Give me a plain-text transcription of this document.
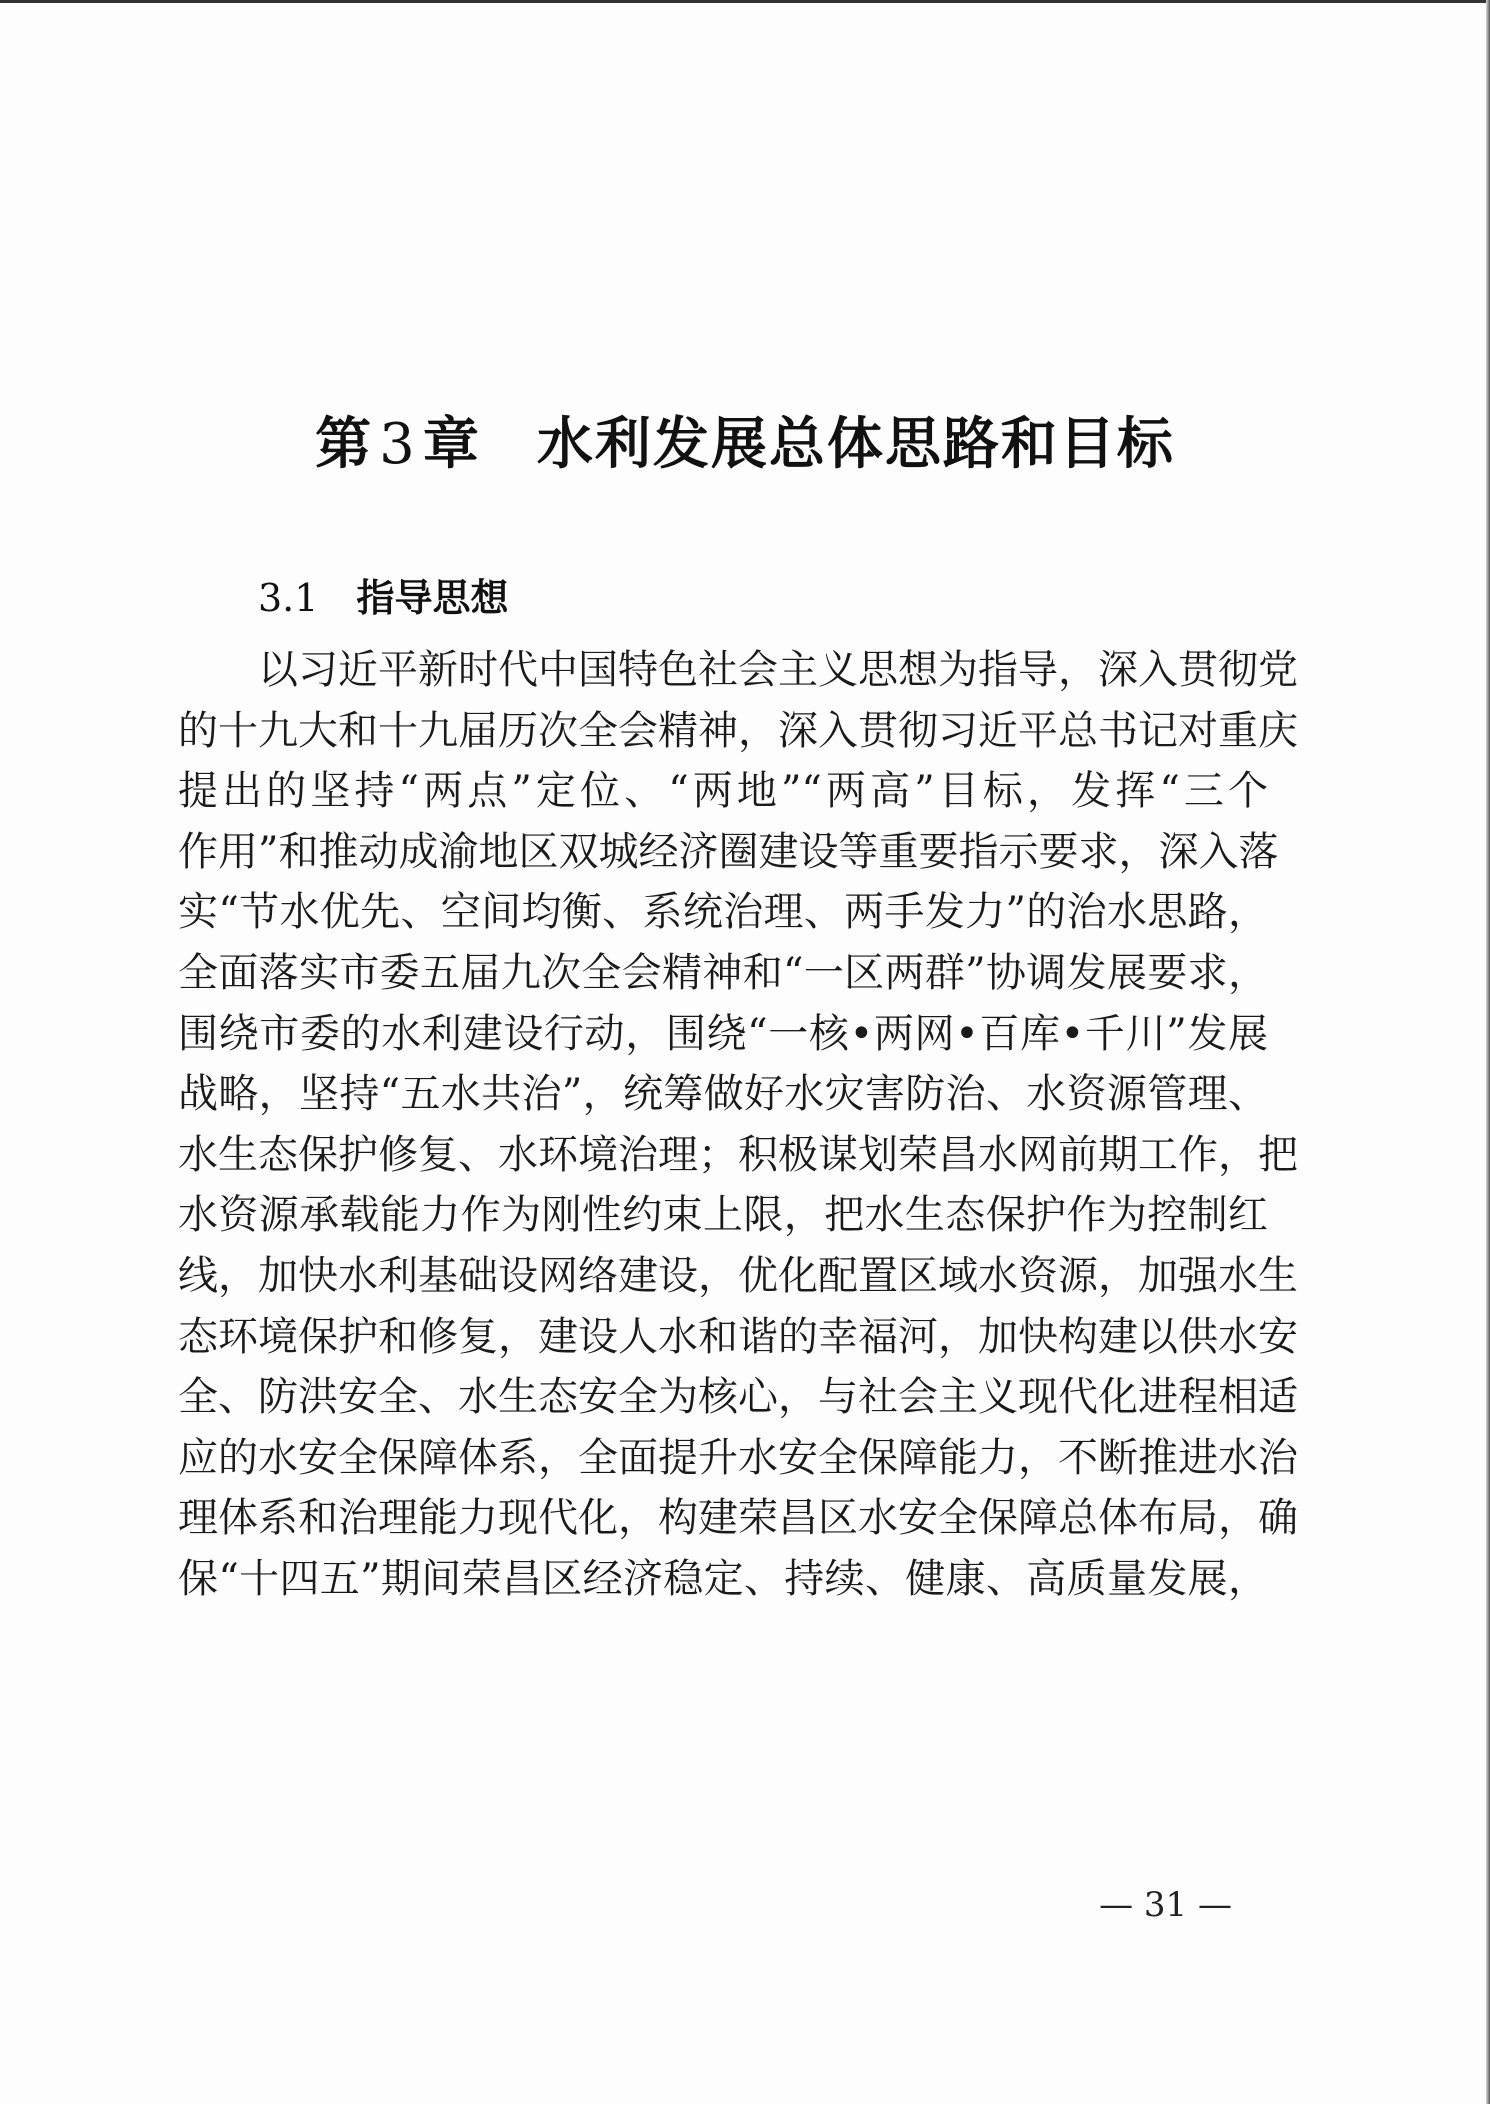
第 3 章 水利发展总体思路和目标
3.1 指导思想
以习近平新时代中国特色社会主义思想为指导，深入贯彻党
的十九大和十九届历次全会精神，深入贯彻习近平总书记对重庆
提出的坚持“两点”定位、“两地”“两高”目标，发挥“三个
作用”和推动成渝地区双城经济圈建设等重要指示要求，深入落
实“节水优先、空间均衡、系统治理、两手发力”的治水思路，
全面落实市委五届九次全会精神和“一区两群”协调发展要求，
围绕市委的水利建设行动，围绕“一核•两网•百库•千川”发展
战略，坚持“五水共治”，统筹做好水灾害防治、水资源管理、
水生态保护修复、水环境治理；积极谋划荣昌水网前期工作，把
水资源承载能力作为刚性约束上限，把水生态保护作为控制红
线，加快水利基础设网络建设，优化配置区域水资源，加强水生
态环境保护和修复，建设人水和谐的幸福河，加快构建以供水安
全、防洪安全、水生态安全为核心，与社会主义现代化进程相适
应的水安全保障体系，全面提升水安全保障能力，不断推进水治
理体系和治理能力现代化，构建荣昌区水安全保障总体布局，确
保“十四五”期间荣昌区经济稳定、持续、健康、高质量发展，
— 31 —
